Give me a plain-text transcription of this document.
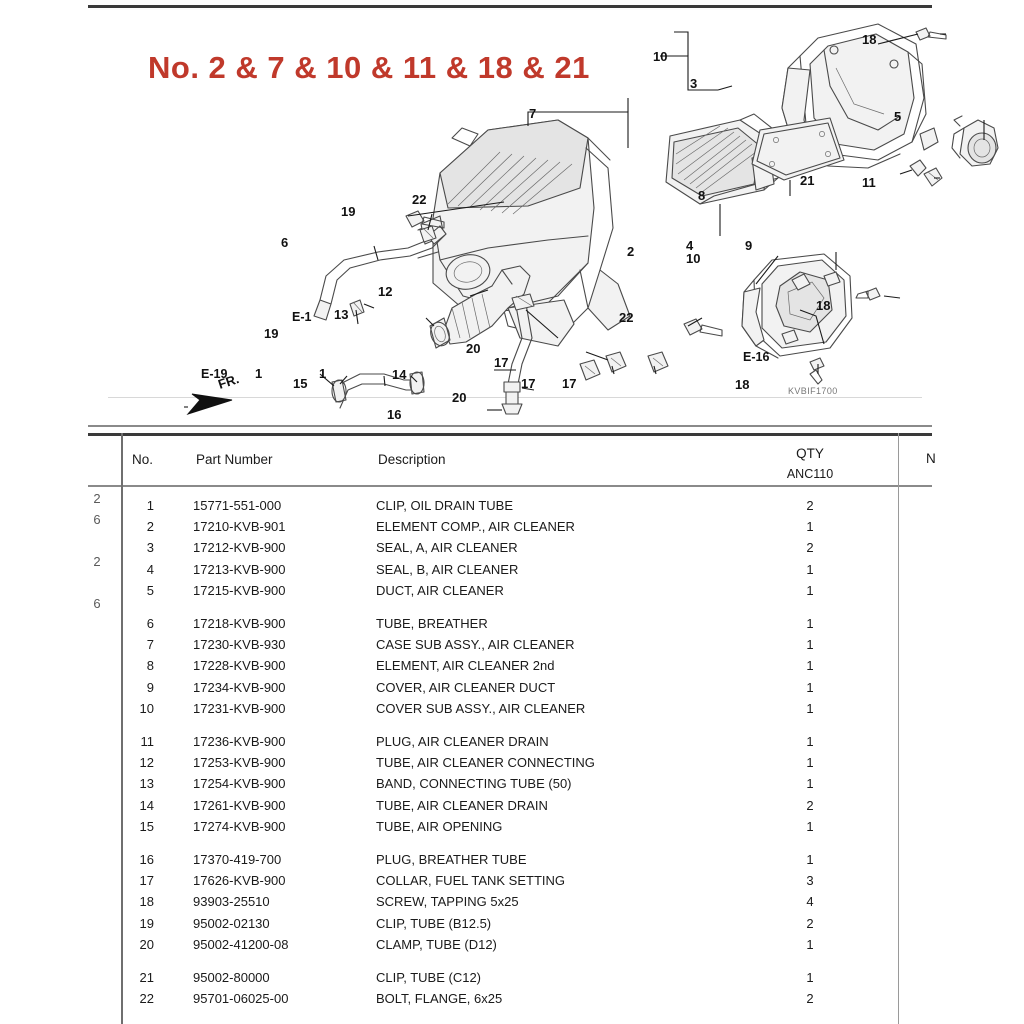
No. 2 & 7 & 10 & 11 & 18 & 21
18
10
3
5
7
8
21	11
2	4
10
9
18
18
19
22
6
12
13
19
20
17
22
17 17
14
1	1
15
20
16
E-1
E-19
E-16
FR.	KVBIF1700
No.	Part Number	Description	QTY
ANC110
N
1	15771-551-000	CLIP, OIL DRAIN TUBE	2
2	17210-KVB-901	ELEMENT COMP., AIR CLEANER	1
3	17212-KVB-900	SEAL, A, AIR CLEANER	2
4	17213-KVB-900	SEAL, B, AIR CLEANER	1
5	17215-KVB-900	DUCT, AIR CLEANER	1
6	17218-KVB-900	TUBE, BREATHER	1
7	17230-KVB-930	CASE SUB ASSY., AIR CLEANER	1
8	17228-KVB-900	ELEMENT, AIR CLEANER 2nd	1
9	17234-KVB-900	COVER, AIR CLEANER DUCT	1
10	17231-KVB-900	COVER SUB ASSY., AIR CLEANER	1
11	17236-KVB-900	PLUG, AIR CLEANER DRAIN	1
12	17253-KVB-900	TUBE, AIR CLEANER CONNECTING	1
13	17254-KVB-900	BAND, CONNECTING TUBE (50)	1
14	17261-KVB-900	TUBE, AIR CLEANER DRAIN	2
15	17274-KVB-900	TUBE, AIR OPENING	1
16	17370-419-700	PLUG, BREATHER TUBE	1
17	17626-KVB-900	COLLAR, FUEL TANK SETTING	3
18	93903-25510	SCREW, TAPPING 5x25	4
19	95002-02130	CLIP, TUBE (B12.5)	2
20	95002-41200-08	CLAMP, TUBE (D12)	1
21	95002-80000	CLIP, TUBE (C12)	1
22	95701-06025-00	BOLT, FLANGE, 6x25	2
2
6
2
6
